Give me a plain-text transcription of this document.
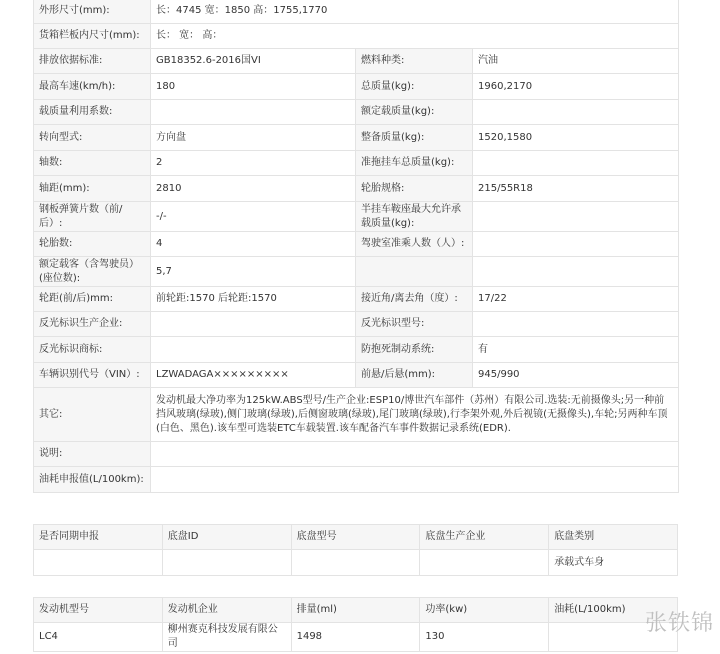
外形尺寸(mm):	长：4745 宽：1850 高：1755,1770		
货箱栏板内尺寸(mm):	长： 宽： 高：		
排放依据标准:	GB18352.6-2016国VI	燃料种类:	汽油
最高车速(km/h):	180	总质量(kg):	1960,2170
载质量利用系数:		额定载质量(kg):	
转向型式:	方向盘	整备质量(kg):	1520,1580
轴数:	2	准拖挂车总质量(kg):	
轴距(mm):	2810	轮胎规格:	215/55R18
钢板弹簧片数（前/后）:	-/-	半挂车鞍座最大允许承载质量(kg):	
轮胎数:	4	驾驶室准乘人数（人）:	
额定载客（含驾驶员）(座位数):	5,7		
轮距(前/后)mm:	前轮距:1570 后轮距:1570	接近角/离去角（度）:	17/22
反光标识生产企业:		反光标识型号:	
反光标识商标:		防抱死制动系统:	有
车辆识别代号（VIN）:	LZWADAGA×××××××××	前悬/后悬(mm):	945/990
其它:	发动机最大净功率为125kW.ABS型号/生产企业:ESP10/博世汽车部件（苏州）有限公司.选装:无前摄像头;另一种前挡风玻璃(绿玻),侧门玻璃(绿玻),后侧窗玻璃(绿玻),尾门玻璃(绿玻),行李架外观,外后视镜(无摄像头),车轮;另两种车顶(白色、黑色).该车型可选装ETC车载装置.该车配备汽车事件数据记录系统(EDR).		
说明:			
油耗申报值(L/100km):			
是否同期申报	底盘ID	底盘型号	底盘生产企业	底盘类别
				承载式车身
发动机型号	发动机企业	排量(ml)	功率(kw)	油耗(L/100km)
LC4	柳州赛克科技发展有限公司	1498	130	
张铁锦
